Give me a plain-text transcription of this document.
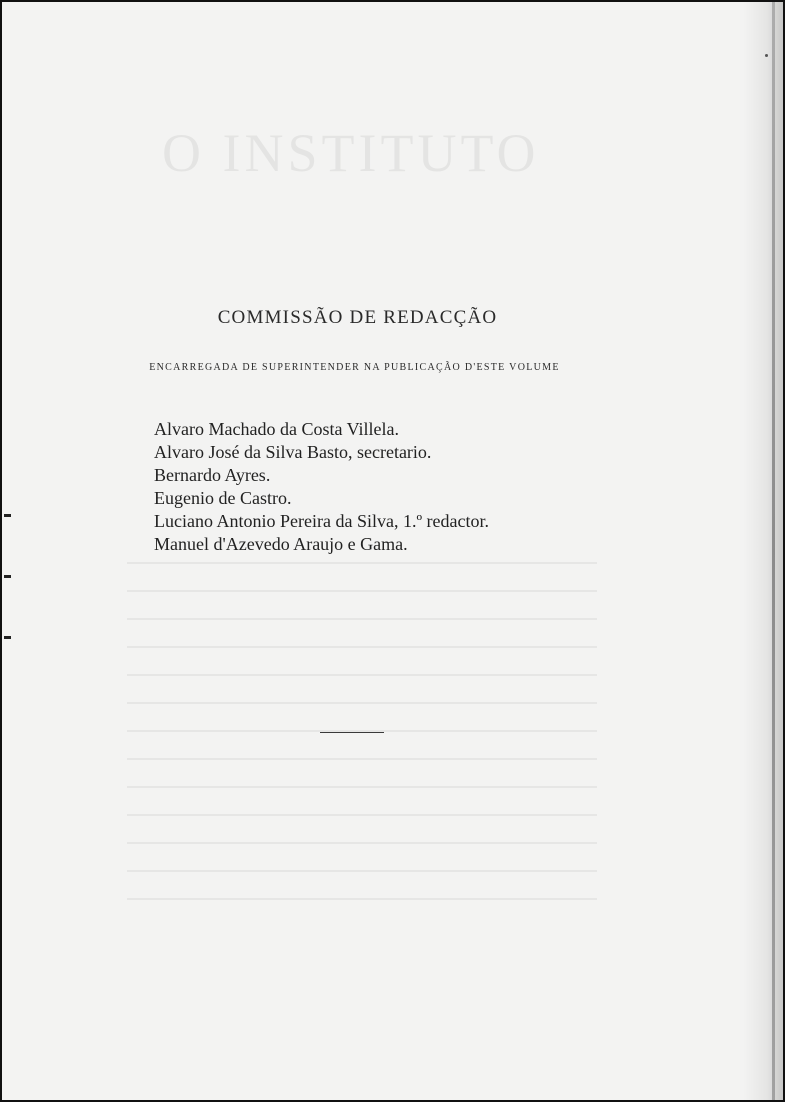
O INSTITUTO
COMMISSÃO DE REDACÇÃO
ENCARREGADA DE SUPERINTENDER NA PUBLICAÇÃO D'ESTE VOLUME
Alvaro Machado da Costa Villela.
Alvaro José da Silva Basto, secretario.
Bernardo Ayres.
Eugenio de Castro.
Luciano Antonio Pereira da Silva, 1.º redactor.
Manuel d'Azevedo Araujo e Gama.
